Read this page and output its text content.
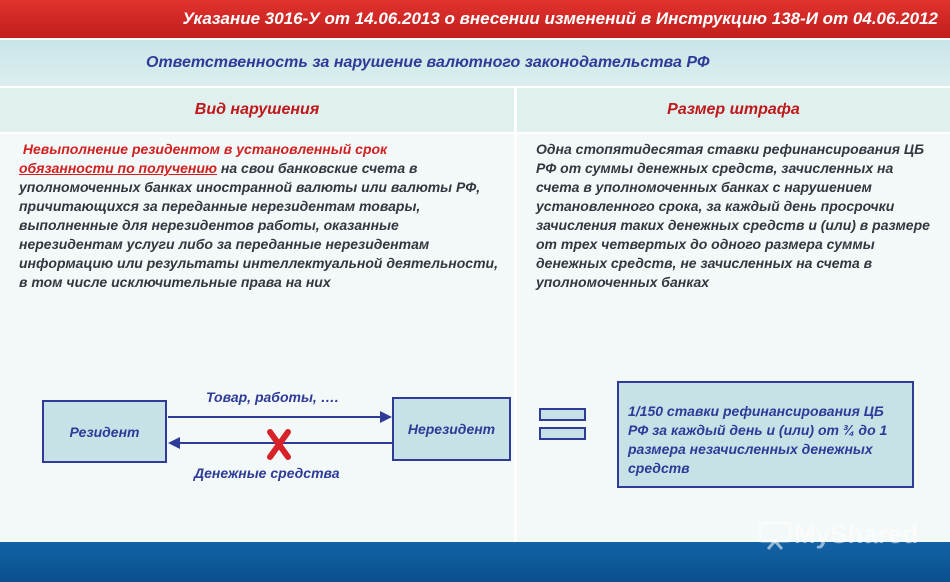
Указание 3016-У от 14.06.2013 о внесении изменений в Инструкцию 138-И от 04.06.2012
Ответственность за нарушение валютного законодательства РФ
Вид нарушения	Размер штрафа

Невыполнение резидентом в установленный срок
обязанности по получению на свои банковские счета в уполномоченных банках иностранной валюты или валюты РФ, причитающихся за переданные нерезидентам товары, выполненные для нерезидентов работы, оказанные нерезидентам услуги либо за переданные нерезидентам информацию или результаты интеллектуальной деятельности, в том числе исключительные права на них

Одна стопятидесятая ставки рефинансирования ЦБ РФ от суммы денежных средств, зачисленных на счета в уполномоченных банках с нарушением установленного срока, за каждый день просрочки зачисления таких денежных средств и (или) в размере от трех четвертых до одного размера суммы денежных средств, не зачисленных на счета в уполномоченных банках

Резидент	Нерезидент
Товар, работы, ….
Денежные средства
1/150 ставки рефинансирования ЦБ РФ за каждый день и (или) от ¾ до 1 размера незачисленных денежных средств
MyShared
